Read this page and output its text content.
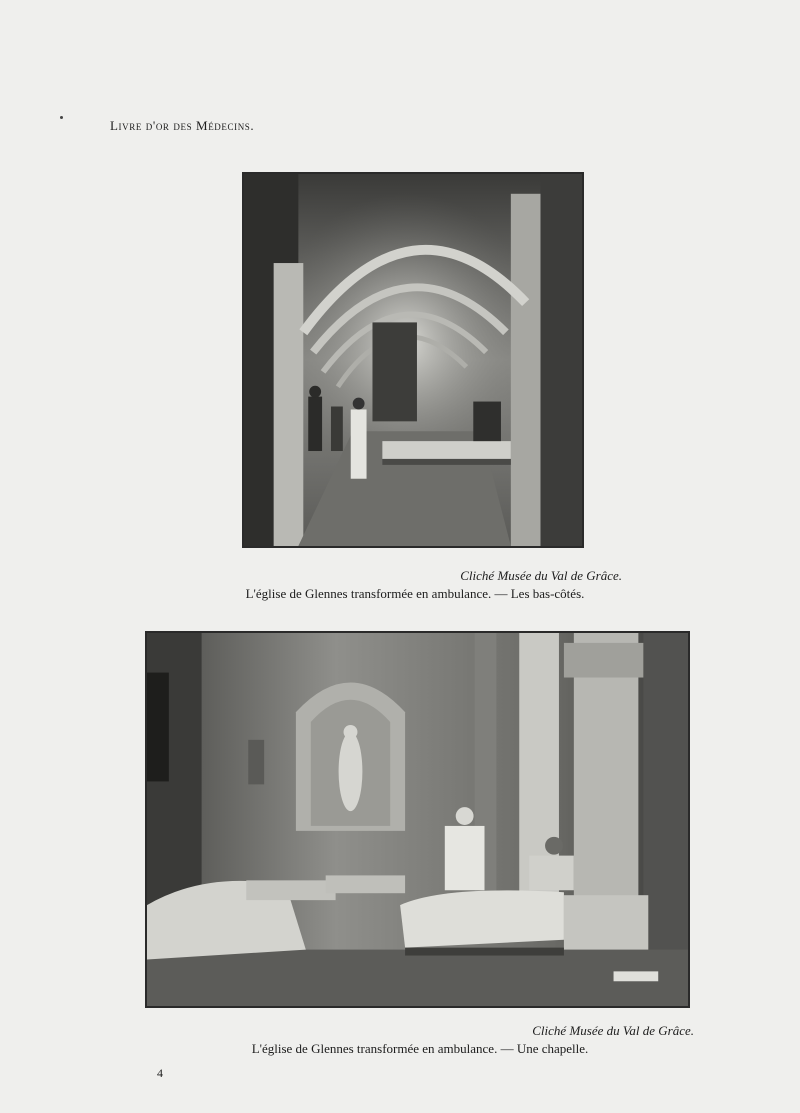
Livre d'or des Médecins.
Cliché Musée du Val de Grâce.
L'église de Glennes transformée en ambulance. — Les bas-côtés.
Cliché Musée du Val de Grâce.
L'église de Glennes transformée en ambulance. — Une chapelle.
4
